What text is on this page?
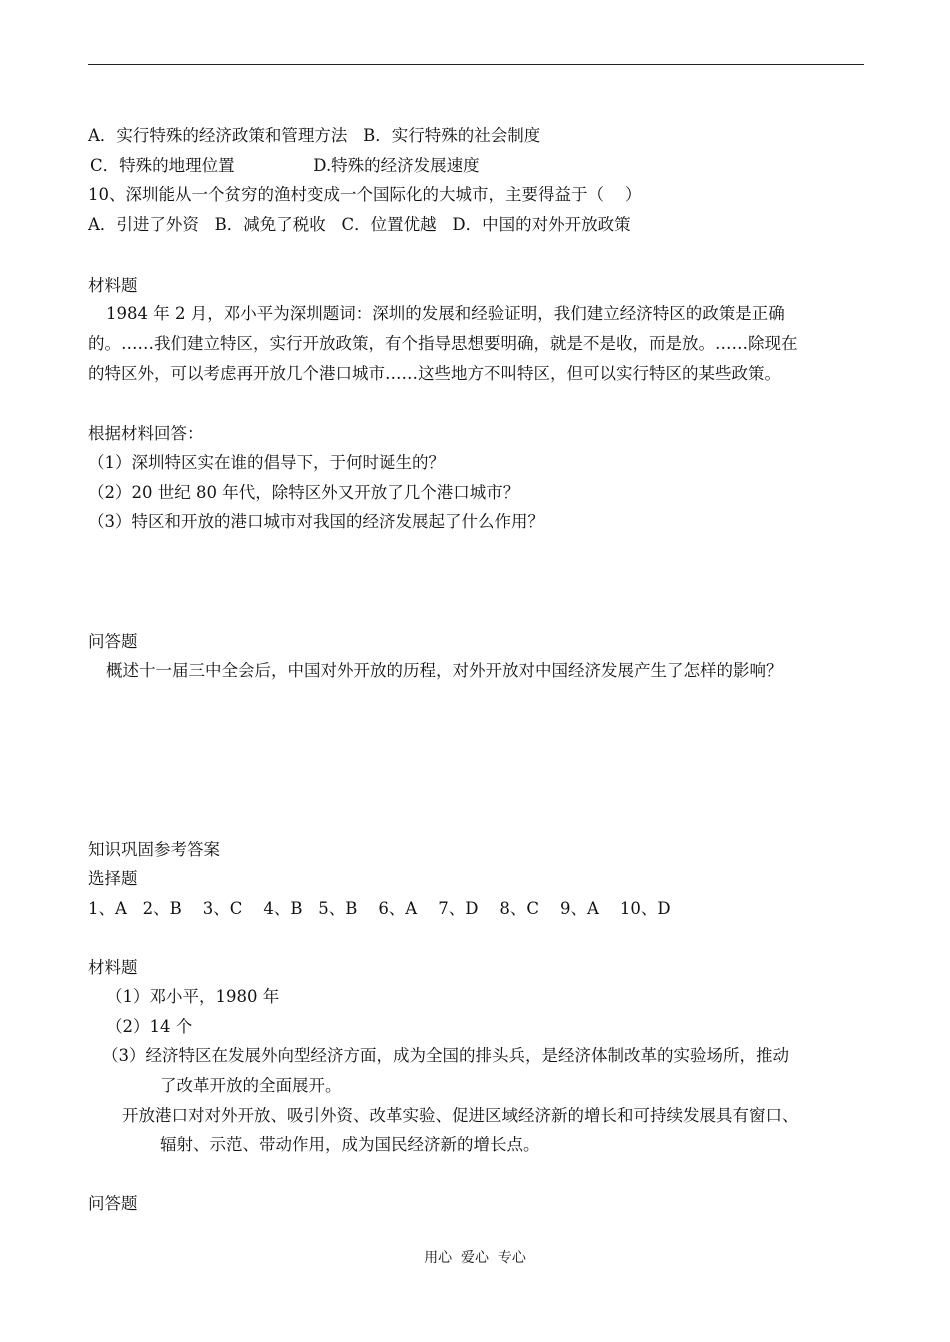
A．实行特殊的经济政策和管理方法   B．实行特殊的社会制度
C．特殊的地理位置               D.特殊的经济发展速度
10、深圳能从一个贫穷的渔村变成一个国际化的大城市，主要得益于（    ）
A．引进了外资   B．减免了税收   C．位置优越   D．中国的对外开放政策
材料题
1984 年 2 月，邓小平为深圳题词：深圳的发展和经验证明，我们建立经济特区的政策是正确
的。……我们建立特区，实行开放政策，有个指导思想要明确，就是不是收，而是放。……除现在
的特区外，可以考虑再开放几个港口城市……这些地方不叫特区，但可以实行特区的某些政策。
根据材料回答：
（1）深圳特区实在谁的倡导下，于何时诞生的？
（2）20 世纪 80 年代，除特区外又开放了几个港口城市？
（3）特区和开放的港口城市对我国的经济发展起了什么作用？
问答题
概述十一届三中全会后，中国对外开放的历程，对外开放对中国经济发展产生了怎样的影响？
知识巩固参考答案
选择题
1、A   2、B    3、C    4、B   5、B    6、A    7、D    8、C    9、A    10、D
材料题
（1）邓小平，1980 年
（2）14 个
（3）经济特区在发展外向型经济方面，成为全国的排头兵，是经济体制改革的实验场所，推动
了改革开放的全面展开。
开放港口对对外开放、吸引外资、改革实验、促进区域经济新的增长和可持续发展具有窗口、
辐射、示范、带动作用，成为国民经济新的增长点。
问答题
用心  爱心  专心
